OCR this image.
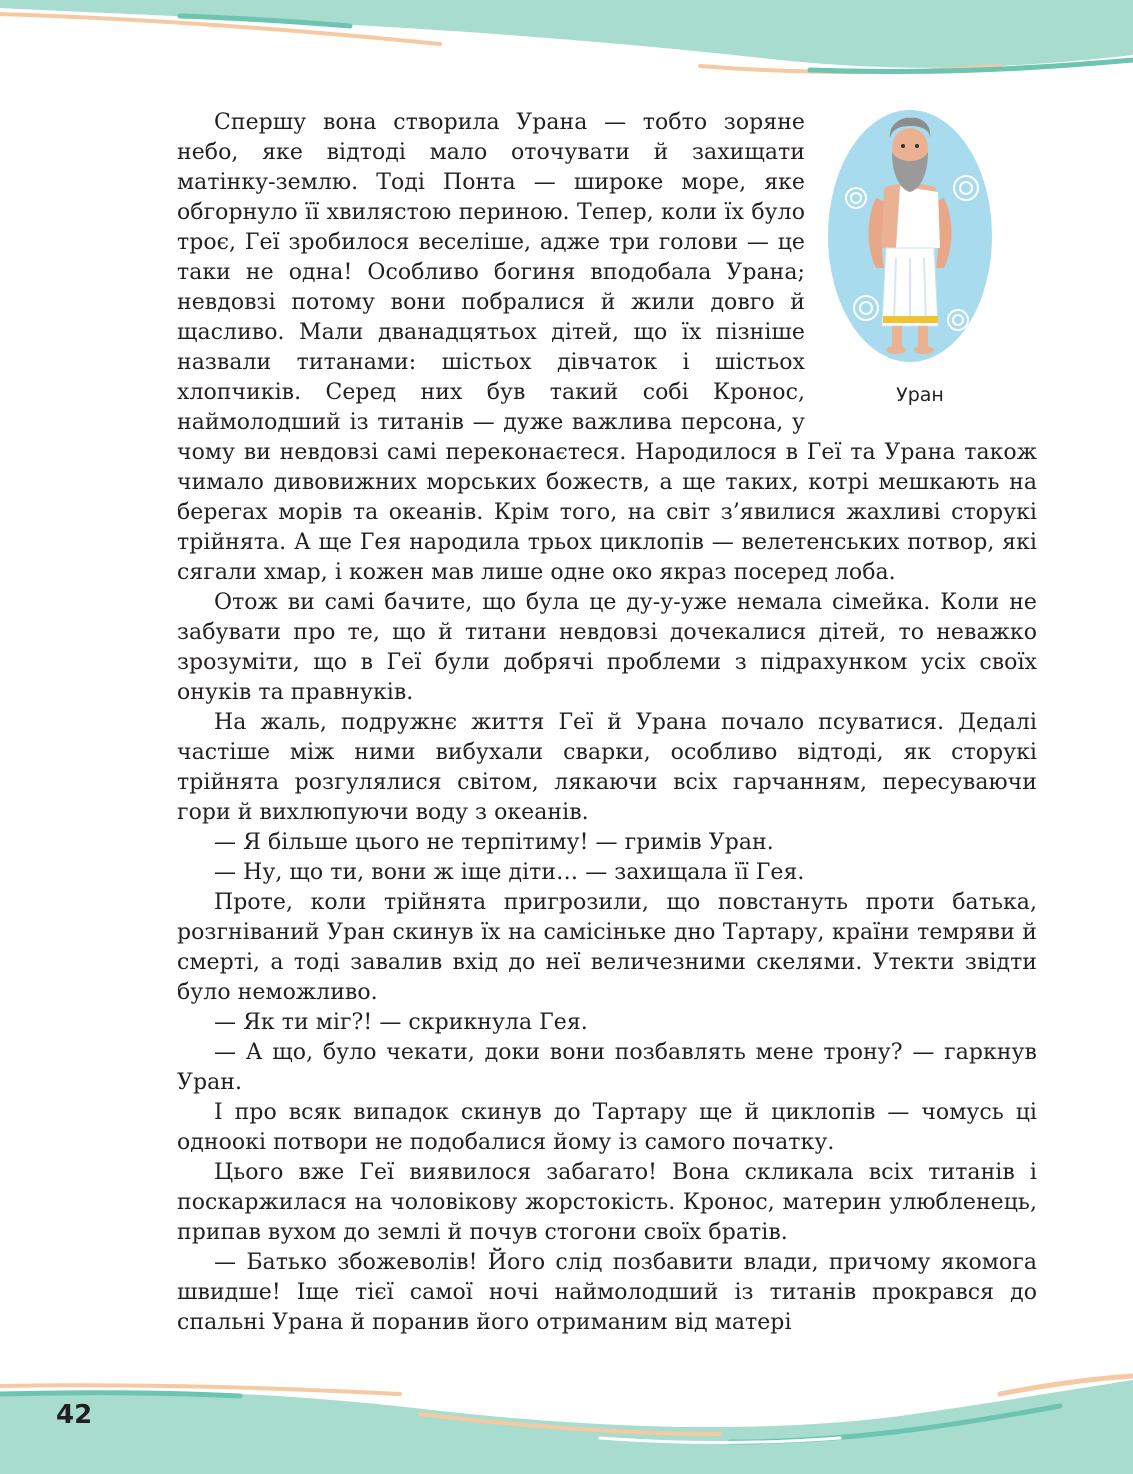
Уран

Спершу вона створила Урана — тобто зоряне небо, яке відтоді мало оточувати й захищати матінку-землю. Тоді Понта — широке море, яке обгорнуло її хвилястою периною. Тепер, коли їх було троє, Геї зробилося веселіше, адже три голови — це таки не одна! Особливо богиня вподобала Урана; невдовзі потому вони побралися й жили довго й щасливо. Мали дванадцятьох дітей, що їх пізніше назвали титанами: шістьох дівчаток і шістьох хлопчиків. Серед них був такий собі Кронос, наймолодший із титанів — дуже важлива персона, у чому ви невдовзі самі переконаєтеся. Народилося в Геї та Урана також чимало дивовижних морських божеств, а ще таких, котрі мешкають на берегах морів та океанів. Крім того, на світ з’явилися жахливі сторукі трійнята. А ще Гея народила трьох циклопів — велетенських потвор, які сягали хмар, і кожен мав лише одне око якраз посеред лоба.

Отож ви самі бачите, що була це ду-у-уже немала сімейка. Коли не забувати про те, що й титани невдовзі дочекалися дітей, то неважко зрозуміти, що в Геї були добрячі проблеми з підрахунком усіх своїх онуків та правнуків.

На жаль, подружнє життя Геї й Урана почало псуватися. Дедалі частіше між ними вибухали сварки, особливо відтоді, як сторукі трійнята розгулялися світом, лякаючи всіх гарчанням, пересуваючи гори й вихлюпуючи воду з океанів.

— Я більше цього не терпітиму! — гримів Уран.

— Ну, що ти, вони ж іще діти… — захищала її Гея.

Проте, коли трійнята пригрозили, що повстануть проти батька, розгніваний Уран скинув їх на самісіньке дно Тартару, країни темряви й смерті, а тоді завалив вхід до неї величезними скелями. Утекти звідти було неможливо.

— Як ти міг?! — скрикнула Гея.

— А що, було чекати, доки вони позбавлять мене трону? — гаркнув Уран.

І про всяк випадок скинув до Тартару ще й циклопів — чомусь ці одноокі потвори не подобалися йому із самого початку.

Цього вже Геї виявилося забагато! Вона скликала всіх титанів і поскаржилася на чоловікову жорстокість. Кронос, материн улюбленець, припав вухом до землі й почув стогони своїх братів.

— Батько збожеволів! Його слід позбавити влади, причому якомога швидше! Іще тієї самої ночі наймолодший із титанів прокрався до спальні Урана й поранив його отриманим від матері

42
